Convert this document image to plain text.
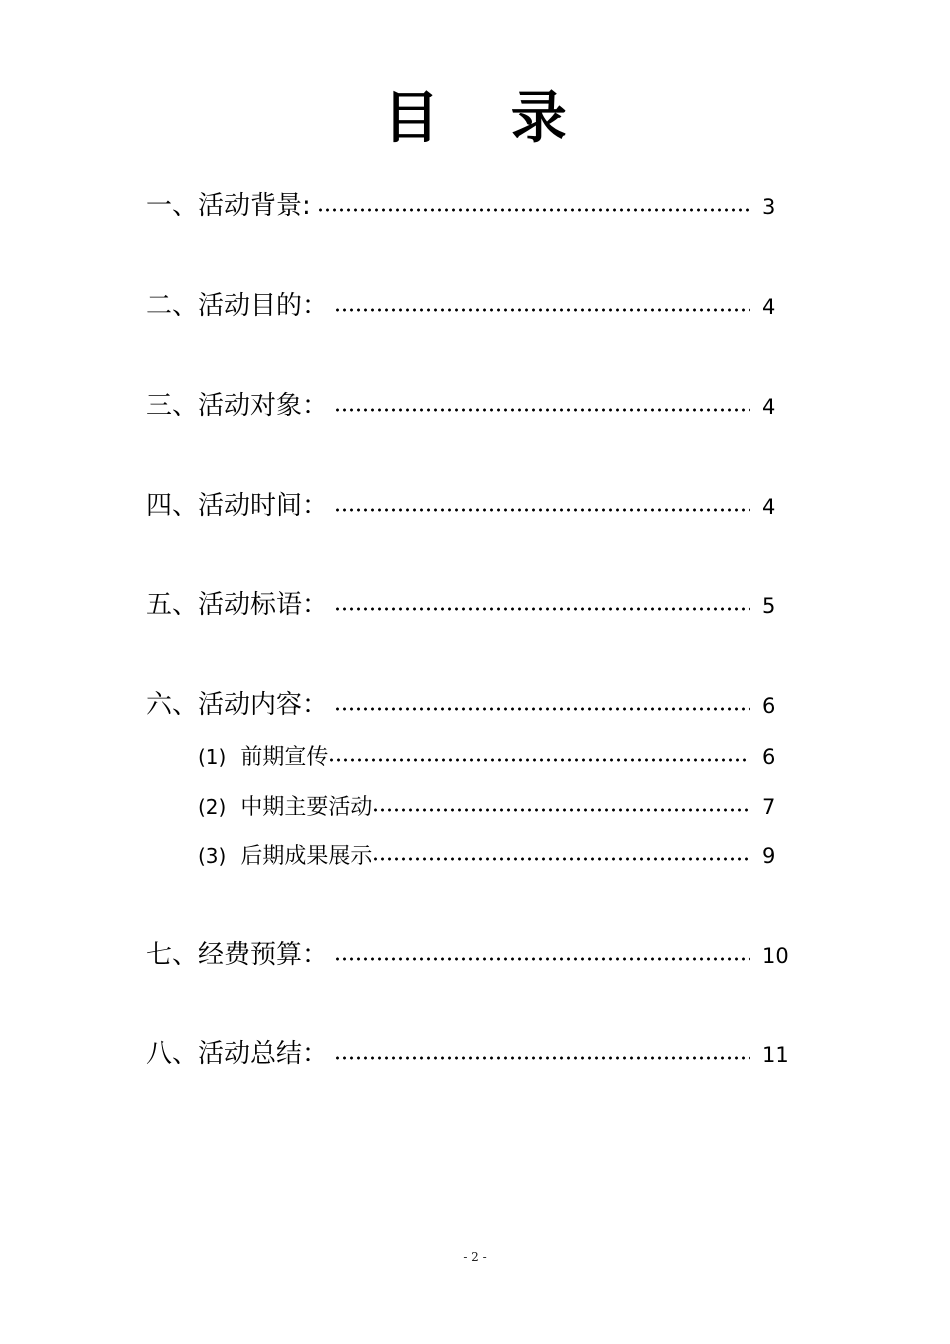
目 录
一、活动背景:	3
二、活动目的：	4
三、活动对象：	4
四、活动时间：	4
五、活动标语：	5
六、活动内容：	6
(1) 前期宣传	6
(2) 中期主要活动	7
(3) 后期成果展示	9
七、经费预算：	10
八、活动总结：	11
- 2 -
